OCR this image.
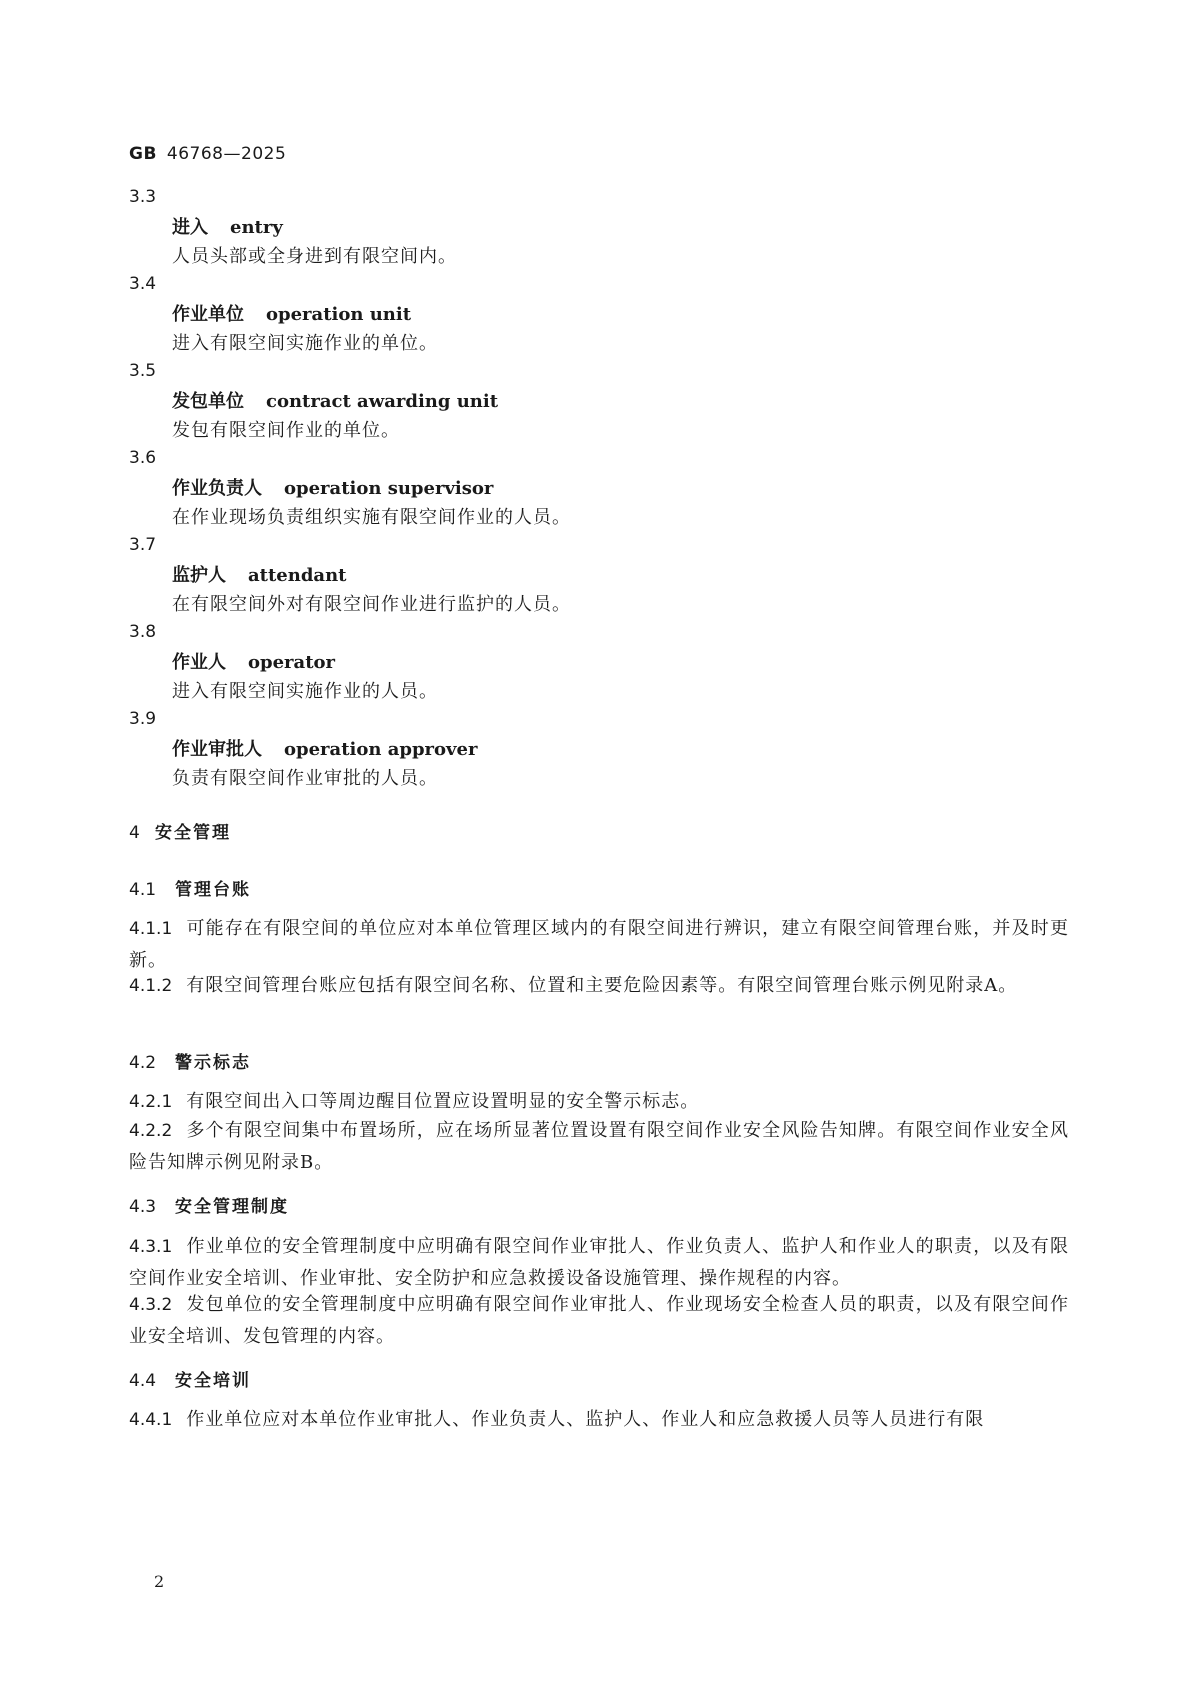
GB 46768—2025
3.3
进入 entry
人员头部或全身进到有限空间内。
3.4
作业单位 operation unit
进入有限空间实施作业的单位。
3.5
发包单位 contract awarding unit
发包有限空间作业的单位。
3.6
作业负责人 operation supervisor
在作业现场负责组织实施有限空间作业的人员。
3.7
监护人 attendant
在有限空间外对有限空间作业进行监护的人员。
3.8
作业人 operator
进入有限空间实施作业的人员。
3.9
作业审批人 operation approver
负责有限空间作业审批的人员。
4 安全管理
4.1 管理台账
4.1.1 可能存在有限空间的单位应对本单位管理区域内的有限空间进行辨识，建立有限空间管理台账，并及时更新。
4.1.2 有限空间管理台账应包括有限空间名称、位置和主要危险因素等。有限空间管理台账示例见附录A。
4.2 警示标志
4.2.1 有限空间出入口等周边醒目位置应设置明显的安全警示标志。
4.2.2 多个有限空间集中布置场所，应在场所显著位置设置有限空间作业安全风险告知牌。有限空间作业安全风险告知牌示例见附录B。
4.3 安全管理制度
4.3.1 作业单位的安全管理制度中应明确有限空间作业审批人、作业负责人、监护人和作业人的职责，以及有限空间作业安全培训、作业审批、安全防护和应急救援设备设施管理、操作规程的内容。
4.3.2 发包单位的安全管理制度中应明确有限空间作业审批人、作业现场安全检查人员的职责，以及有限空间作业安全培训、发包管理的内容。
4.4 安全培训
4.4.1 作业单位应对本单位作业审批人、作业负责人、监护人、作业人和应急救援人员等人员进行有限
2
